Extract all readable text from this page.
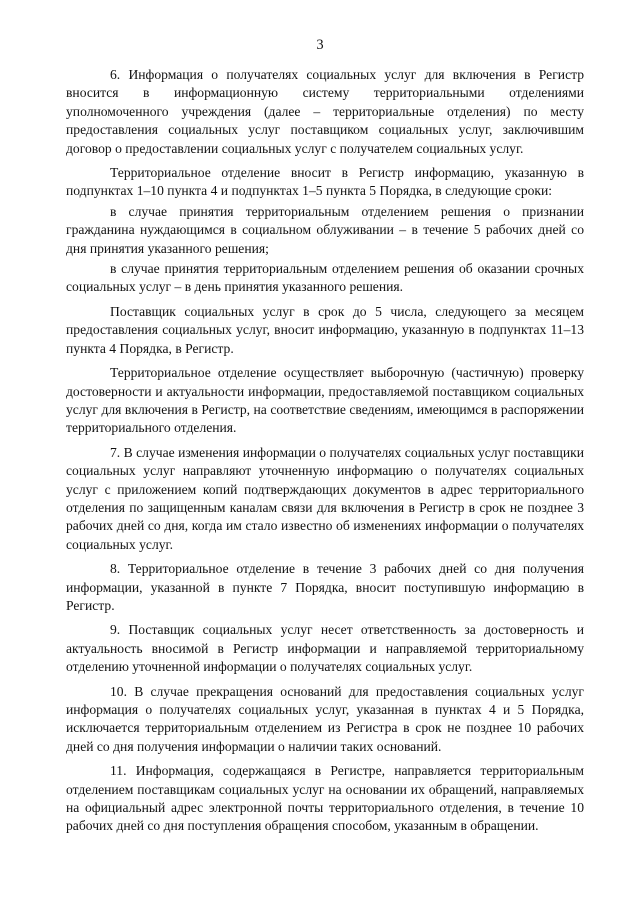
3

6. Информация о получателях социальных услуг для включения в Регистр вносится в информационную систему территориальными отделениями уполномоченного учреждения (далее – территориальные отделения) по месту предоставления социальных услуг поставщиком социальных услуг, заключившим договор о предоставлении социальных услуг с получателем социальных услуг.

Территориальное отделение вносит в Регистр информацию, указанную в подпунктах 1–10 пункта 4 и подпунктах 1–5 пункта 5 Порядка, в следующие сроки:

в случае принятия территориальным отделением решения о признании гражданина нуждающимся в социальном облуживании – в течение 5 рабочих дней со дня принятия указанного решения;

в случае принятия территориальным отделением решения об оказании срочных социальных услуг – в день принятия указанного решения.

Поставщик социальных услуг в срок до 5 числа, следующего за месяцем предоставления социальных услуг, вносит информацию, указанную в подпунктах 11–13 пункта 4 Порядка, в Регистр.

Территориальное отделение осуществляет выборочную (частичную) проверку достоверности и актуальности информации, предоставляемой поставщиком социальных услуг для включения в Регистр, на соответствие сведениям, имеющимся в распоряжении территориального отделения.

7. В случае изменения информации о получателях социальных услуг поставщики социальных услуг направляют уточненную информацию о получателях социальных услуг с приложением копий подтверждающих документов в адрес территориального отделения по защищенным каналам связи для включения в Регистр в срок не позднее 3 рабочих дней со дня, когда им стало известно об изменениях информации о получателях социальных услуг.

8. Территориальное отделение в течение 3 рабочих дней со дня получения информации, указанной в пункте 7 Порядка, вносит поступившую информацию в Регистр.

9. Поставщик социальных услуг несет ответственность за достоверность и актуальность вносимой в Регистр информации и направляемой территориальному отделению уточненной информации о получателях социальных услуг.

10. В случае прекращения оснований для предоставления социальных услуг информация о получателях социальных услуг, указанная в пунктах 4 и 5 Порядка, исключается территориальным отделением из Регистра в срок не позднее 10 рабочих дней со дня получения информации о наличии таких оснований.

11. Информация, содержащаяся в Регистре, направляется территориальным отделением поставщикам социальных услуг на основании их обращений, направляемых на официальный адрес электронной почты территориального отделения, в течение 10 рабочих дней со дня поступления обращения способом, указанным в обращении.
